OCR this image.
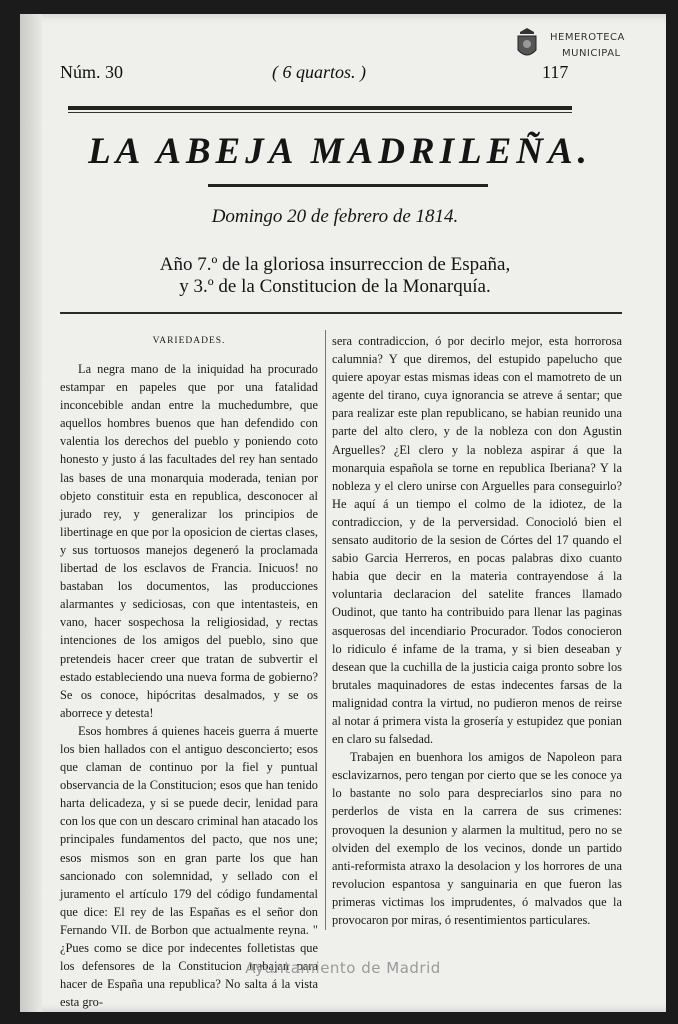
Núm. 30	( 6 quartos. )	117
HEMEROTECA
MUNICIPAL
LA ABEJA MADRILEÑA.
Domingo 20 de febrero de 1814.
Año 7.º de la gloriosa insurreccion de España,
y 3.º de la Constitucion de la Monarquía.
VARIEDADES.

La negra mano de la iniquidad ha procurado estampar en papeles que por una fatalidad inconcebible andan entre la muchedumbre, que aquellos hombres buenos que han defendido con valentia los derechos del pueblo y poniendo coto honesto y justo á las facultades del rey han sentado las bases de una monarquia moderada, tenian por objeto constituir esta en republica, desconocer al jurado rey, y generalizar los principios de libertinage en que por la oposicion de ciertas clases, y sus tortuosos manejos degeneró la proclamada libertad de los esclavos de Francia. Inicuos! no bastaban los documentos, las producciones alarmantes y sediciosas, con que intentasteis, en vano, hacer sospechosa la religiosidad, y rectas intenciones de los amigos del pueblo, sino que pretendeis hacer creer que tratan de subvertir el estado estableciendo una nueva forma de gobierno? Se os conoce, hipócritas desalmados, y se os aborrece y detesta!

Esos hombres á quienes haceis guerra á muerte los bien hallados con el antiguo desconcierto; esos que claman de continuo por la fiel y puntual observancia de la Constitucion; esos que han tenido harta delicadeza, y si se puede decir, lenidad para con los que con un descaro criminal han atacado los principales fundamentos del pacto, que nos une; esos mismos son en gran parte los que han sancionado con solemnidad, y sellado con el juramento el artículo 179 del código fundamental que dice: El rey de las Españas es el señor don Fernando VII. de Borbon que actualmente reyna. " ¿Pues como se dice por indecentes folletistas que los defensores de la Constitucion trabajan para hacer de España una republica? No salta á la vista esta gro-

sera contradiccion, ó por decirlo mejor, esta horrorosa calumnia? Y que diremos, del estupido papelucho que quiere apoyar estas mismas ideas con el mamotreto de un agente del tirano, cuya ignorancia se atreve á sentar; que para realizar este plan republicano, se habian reunido una parte del alto clero, y de la nobleza con don Agustin Arguelles? ¿El clero y la nobleza aspirar á que la monarquia española se torne en republica Iberiana? Y la nobleza y el clero unirse con Arguelles para conseguirlo? He aquí á un tiempo el colmo de la idiotez, de la contradiccion, y de la perversidad. Conocioló bien el sensato auditorio de la sesion de Córtes del 17 quando el sabio Garcia Herreros, en pocas palabras dixo cuanto habia que decir en la materia contrayendose á la voluntaria declaracion del satelite frances llamado Oudinot, que tanto ha contribuido para llenar las paginas asquerosas del incendiario Procurador. Todos conocieron lo ridiculo é infame de la trama, y si bien deseaban y desean que la cuchilla de la justicia caiga pronto sobre los brutales maquinadores de estas indecentes farsas de la malignidad contra la virtud, no pudieron menos de reirse al notar á primera vista la grosería y estupidez que ponian en claro su falsedad.

Trabajen en buenhora los amigos de Napoleon para esclavizarnos, pero tengan por cierto que se les conoce ya lo bastante no solo para despreciarlos sino para no perderlos de vista en la carrera de sus crimenes: provoquen la desunion y alarmen la multitud, pero no se olviden del exemplo de los vecinos, donde un partido anti-reformista atraxo la desolacion y los horrores de una revolucion espantosa y sanguinaria en que fueron las primeras victimas los imprudentes, ó malvados que la provocaron por miras, ó resentimientos particulares.

Ayuntamiento de Madrid
